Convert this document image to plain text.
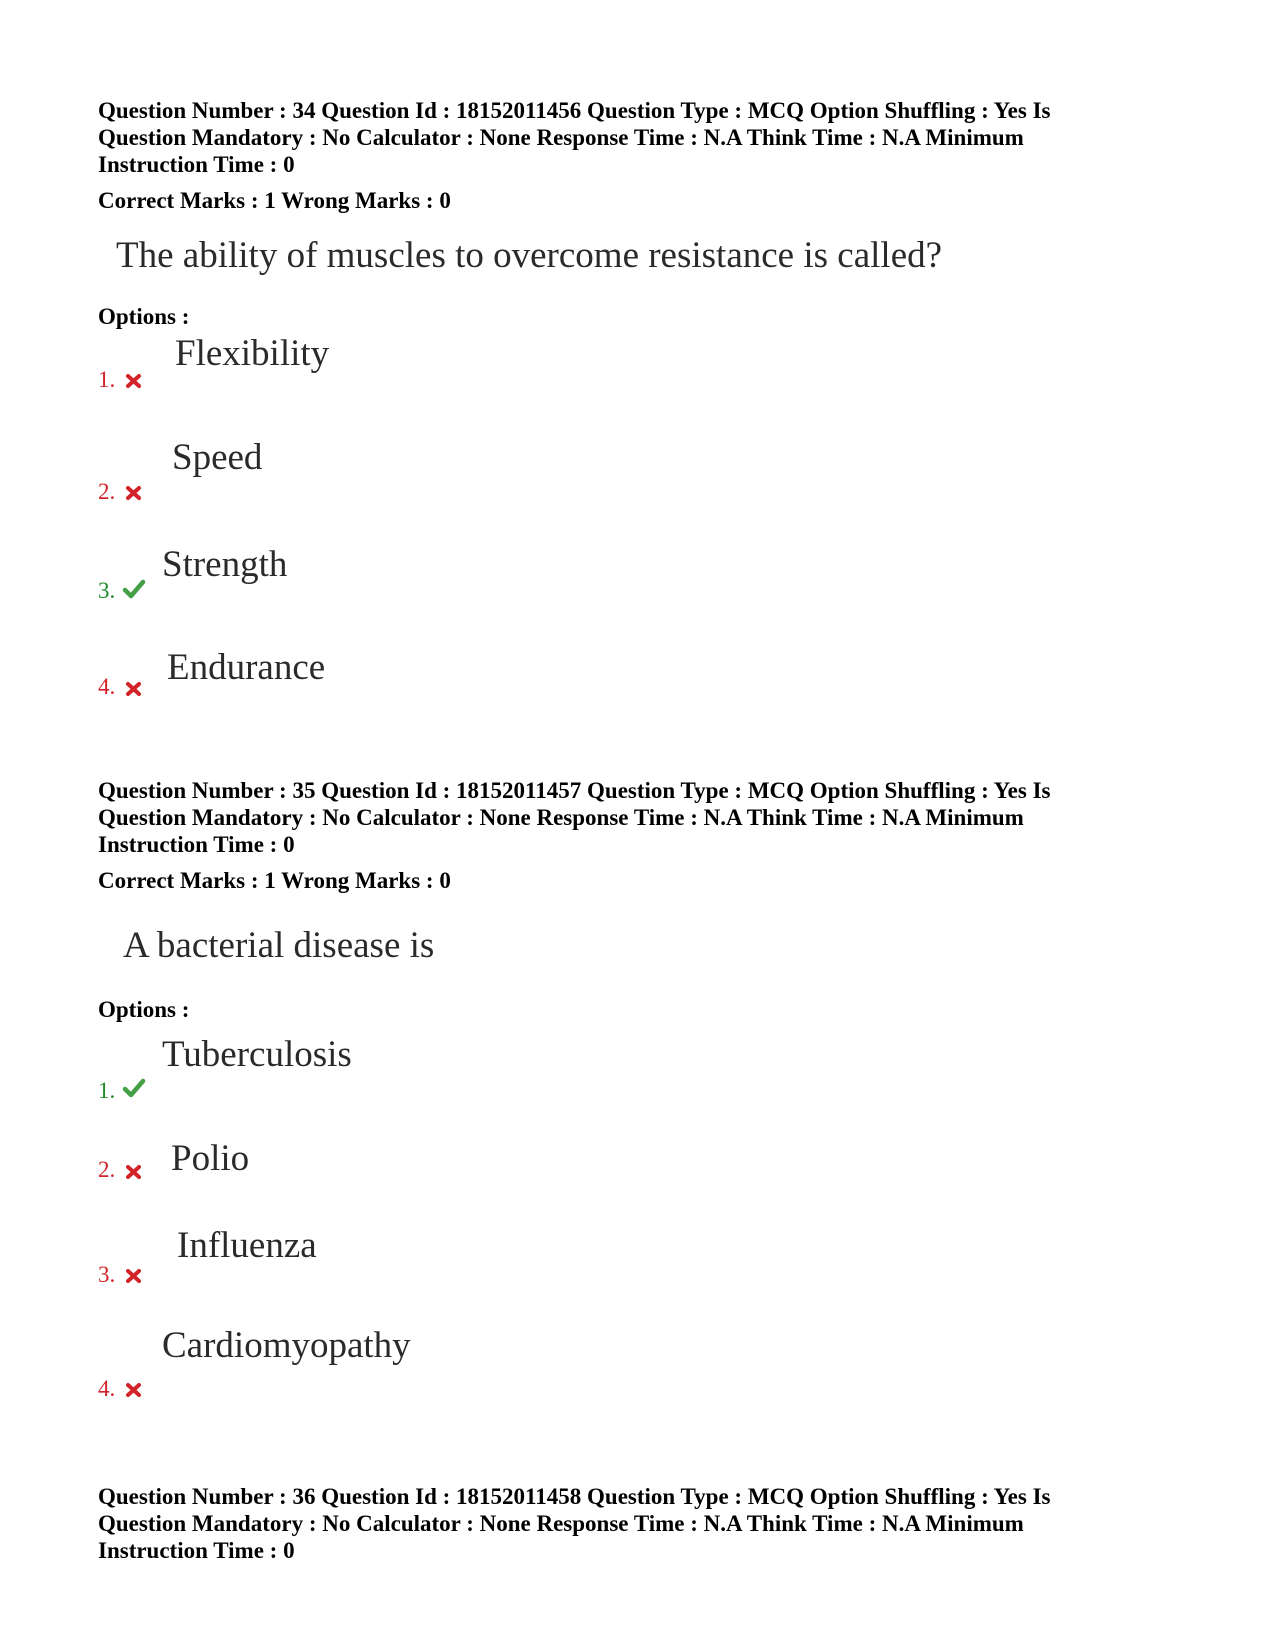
Question Number : 34 Question Id : 18152011456 Question Type : MCQ Option Shuffling : Yes Is
Question Mandatory : No Calculator : None Response Time : N.A Think Time : N.A Minimum
Instruction Time : 0
Correct Marks : 1 Wrong Marks : 0
The ability of muscles to overcome resistance is called?
Options :
1.
Flexibility
2.
Speed
3.
Strength
4. Endurance
Question Number : 35 Question Id : 18152011457 Question Type : MCQ Option Shuffling : Yes Is
Question Mandatory : No Calculator : None Response Time : N.A Think Time : N.A Minimum
Instruction Time : 0
Correct Marks : 1 Wrong Marks : 0
A bacterial disease is
Options :
1.
Tuberculosis
2. Polio
3.
Influenza
4.
Cardiomyopathy
Question Number : 36 Question Id : 18152011458 Question Type : MCQ Option Shuffling : Yes Is
Question Mandatory : No Calculator : None Response Time : N.A Think Time : N.A Minimum
Instruction Time : 0
